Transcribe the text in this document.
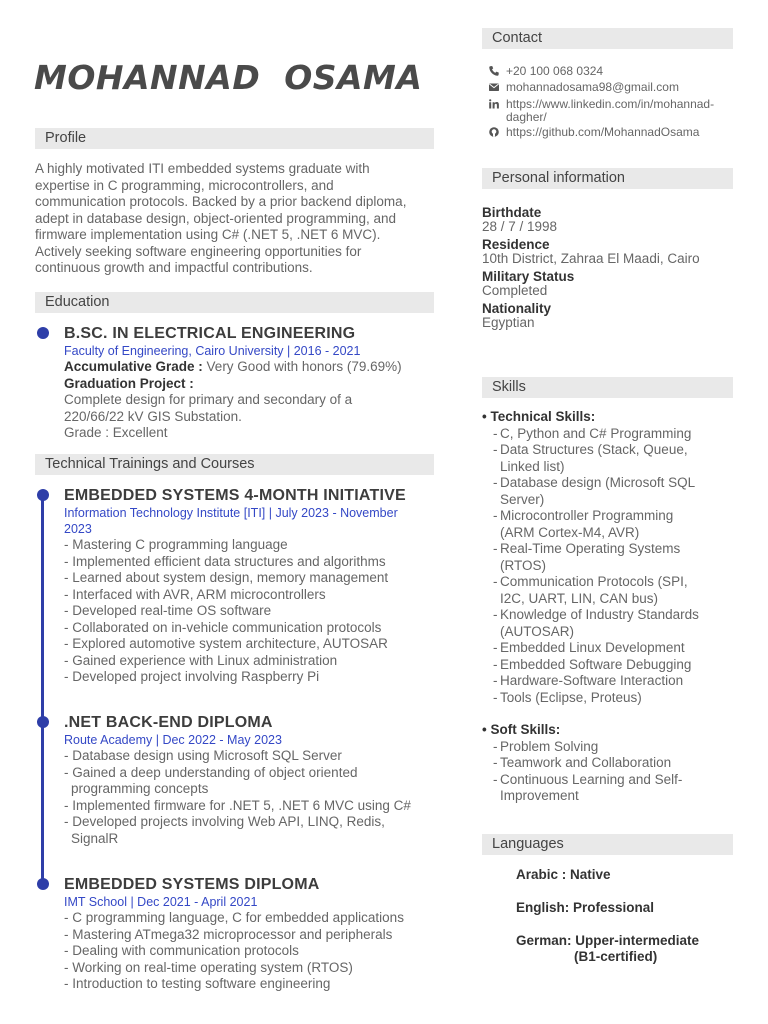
MOHANNAD  OSAMA
Profile
A highly motivated ITI embedded systems graduate with
expertise in C programming, microcontrollers, and
communication protocols. Backed by a prior backend diploma,
adept in database design, object-oriented programming, and
firmware implementation using C# (.NET 5, .NET 6 MVC).
Actively seeking software engineering opportunities for
continuous growth and impactful contributions.
Education
B.SC. IN ELECTRICAL ENGINEERING
Faculty of Engineering, Cairo University | 2016 - 2021
Accumulative Grade : Very Good with honors (79.69%)
Graduation Project :
Complete design for primary and secondary of a
220/66/22 kV GIS Substation.
Grade : Excellent
Technical Trainings and Courses
EMBEDDED SYSTEMS 4-MONTH INITIATIVE
Information Technology Institute [ITI] | July 2023 - November
2023
- Mastering C programming language
- Implemented efficient data structures and algorithms
- Learned about system design, memory management
- Interfaced with AVR, ARM microcontrollers
- Developed real-time OS software
- Collaborated on in-vehicle communication protocols
- Explored automotive system architecture, AUTOSAR
- Gained experience with Linux administration
- Developed project involving Raspberry Pi
.NET BACK-END DIPLOMA
Route Academy | Dec 2022 - May 2023
- Database design using Microsoft SQL Server
- Gained a deep understanding of object oriented
programming concepts
- Implemented firmware for .NET 5, .NET 6 MVC using C#
- Developed projects involving Web API, LINQ, Redis,
SignalR
EMBEDDED SYSTEMS DIPLOMA
IMT School | Dec 2021 - April 2021
- C programming language, C for embedded applications
- Mastering ATmega32 microprocessor and peripherals
- Dealing with communication protocols
- Working on real-time operating system (RTOS)
- Introduction to testing software engineering
Contact
+20 100 068 0324
mohannadosama98@gmail.com
https://www.linkedin.com/in/mohannad-
dagher/
https://github.com/MohannadOsama
Personal information
Birthdate
28 / 7 / 1998
Residence
10th District, Zahraa El Maadi, Cairo
Military Status
Completed
Nationality
Egyptian
Skills
• Technical Skills:
- C, Python and C# Programming
- Data Structures (Stack, Queue,
Linked list)
- Database design (Microsoft SQL
Server)
- Microcontroller Programming
(ARM Cortex-M4, AVR)
- Real-Time Operating Systems
(RTOS)
- Communication Protocols (SPI,
I2C, UART, LIN, CAN bus)
- Knowledge of Industry Standards
(AUTOSAR)
- Embedded Linux Development
- Embedded Software Debugging
- Hardware-Software Interaction
- Tools (Eclipse, Proteus)
• Soft Skills:
- Problem Solving
- Teamwork and Collaboration
- Continuous Learning and Self-
Improvement
Languages
Arabic : Native
English: Professional
German: Upper-intermediate
(B1-certified)
